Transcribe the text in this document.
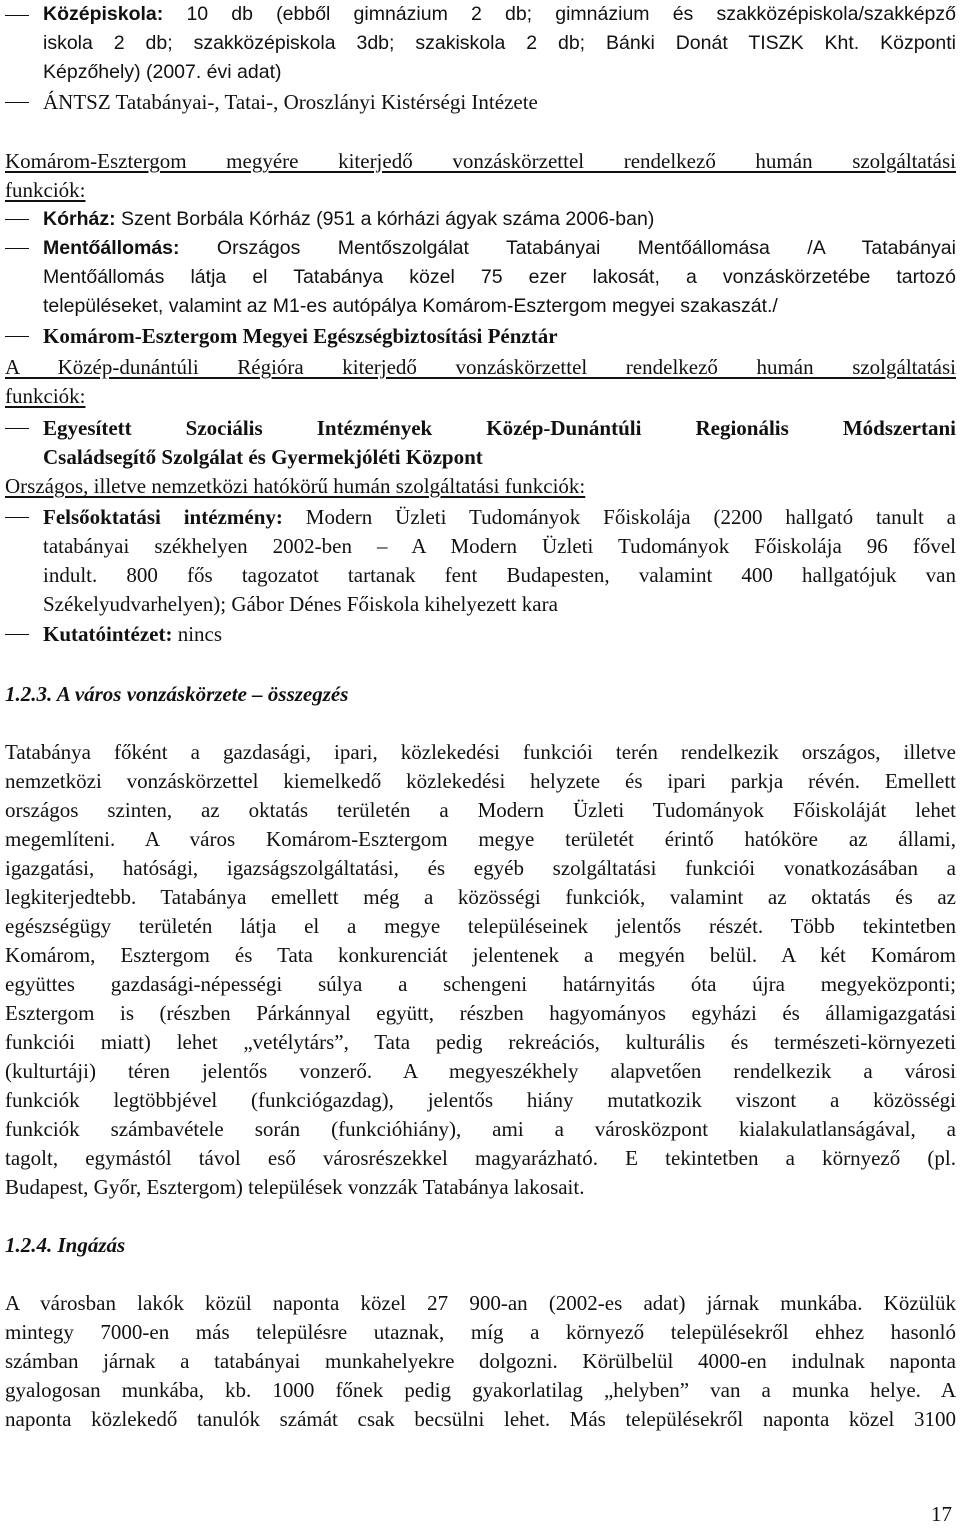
Középiskola: 10 db (ebből gimnázium 2 db; gimnázium és szakközépiskola/szakképző
iskola 2 db; szakközépiskola 3db; szakiskola 2 db; Bánki Donát TISZK Kht. Központi
Képzőhely) (2007. évi adat)
ÁNTSZ Tatabányai-, Tatai-, Oroszlányi Kistérségi Intézete
Komárom-Esztergom megyére kiterjedő vonzáskörzettel rendelkező humán szolgáltatási
funkciók:
Kórház: Szent Borbála Kórház (951 a kórházi ágyak száma 2006-ban)
Mentőállomás: Országos Mentőszolgálat Tatabányai Mentőállomása /A Tatabányai
Mentőállomás látja el Tatabánya közel 75 ezer lakosát, a vonzáskörzetébe tartozó
településeket, valamint az M1-es autópálya Komárom-Esztergom megyei szakaszát./
Komárom-Esztergom Megyei Egészségbiztosítási Pénztár
A Közép-dunántúli Régióra kiterjedő vonzáskörzettel rendelkező humán szolgáltatási
funkciók:
Egyesített Szociális Intézmények Közép-Dunántúli Regionális Módszertani
Családsegítő Szolgálat és Gyermekjóléti Központ
Országos, illetve nemzetközi hatókörű humán szolgáltatási funkciók:
Felsőoktatási intézmény: Modern Üzleti Tudományok Főiskolája (2200 hallgató tanult a
tatabányai székhelyen 2002-ben – A Modern Üzleti Tudományok Főiskolája 96 fővel
indult. 800 fős tagozatot tartanak fent Budapesten, valamint 400 hallgatójuk van
Székelyudvarhelyen); Gábor Dénes Főiskola kihelyezett kara
Kutatóintézet: nincs
1.2.3. A város vonzáskörzete – összegzés
Tatabánya főként a gazdasági, ipari, közlekedési funkciói terén rendelkezik országos, illetve
nemzetközi vonzáskörzettel kiemelkedő közlekedési helyzete és ipari parkja révén. Emellett
országos szinten, az oktatás területén a Modern Üzleti Tudományok Főiskoláját lehet
megemlíteni. A város Komárom-Esztergom megye területét érintő hatóköre az állami,
igazgatási, hatósági, igazságszolgáltatási, és egyéb szolgáltatási funkciói vonatkozásában a
legkiterjedtebb. Tatabánya emellett még a közösségi funkciók, valamint az oktatás és az
egészségügy területén látja el a megye településeinek jelentős részét. Több tekintetben
Komárom, Esztergom és Tata konkurenciát jelentenek a megyén belül. A két Komárom
együttes gazdasági-népességi súlya a schengeni határnyitás óta újra megyeközponti;
Esztergom is (részben Párkánnyal együtt, részben hagyományos egyházi és államigazgatási
funkciói miatt) lehet „vetélytárs”, Tata pedig rekreációs, kulturális és természeti-környezeti
(kulturtáji) téren jelentős vonzerő. A megyeszékhely alapvetően rendelkezik a városi
funkciók legtöbbjével (funkciógazdag), jelentős hiány mutatkozik viszont a közösségi
funkciók számbavétele során (funkcióhiány), ami a városközpont kialakulatlanságával, a
tagolt, egymástól távol eső városrészekkel magyarázható. E tekintetben a környező (pl.
Budapest, Győr, Esztergom) települések vonzzák Tatabánya lakosait.
1.2.4. Ingázás
A városban lakók közül naponta közel 27 900-an (2002-es adat) járnak munkába. Közülük
mintegy 7000-en más településre utaznak, míg a környező településekről ehhez hasonló
számban járnak a tatabányai munkahelyekre dolgozni. Körülbelül 4000-en indulnak naponta
gyalogosan munkába, kb. 1000 főnek pedig gyakorlatilag „helyben” van a munka helye. A
naponta közlekedő tanulók számát csak becsülni lehet. Más településekről naponta közel 3100
17
